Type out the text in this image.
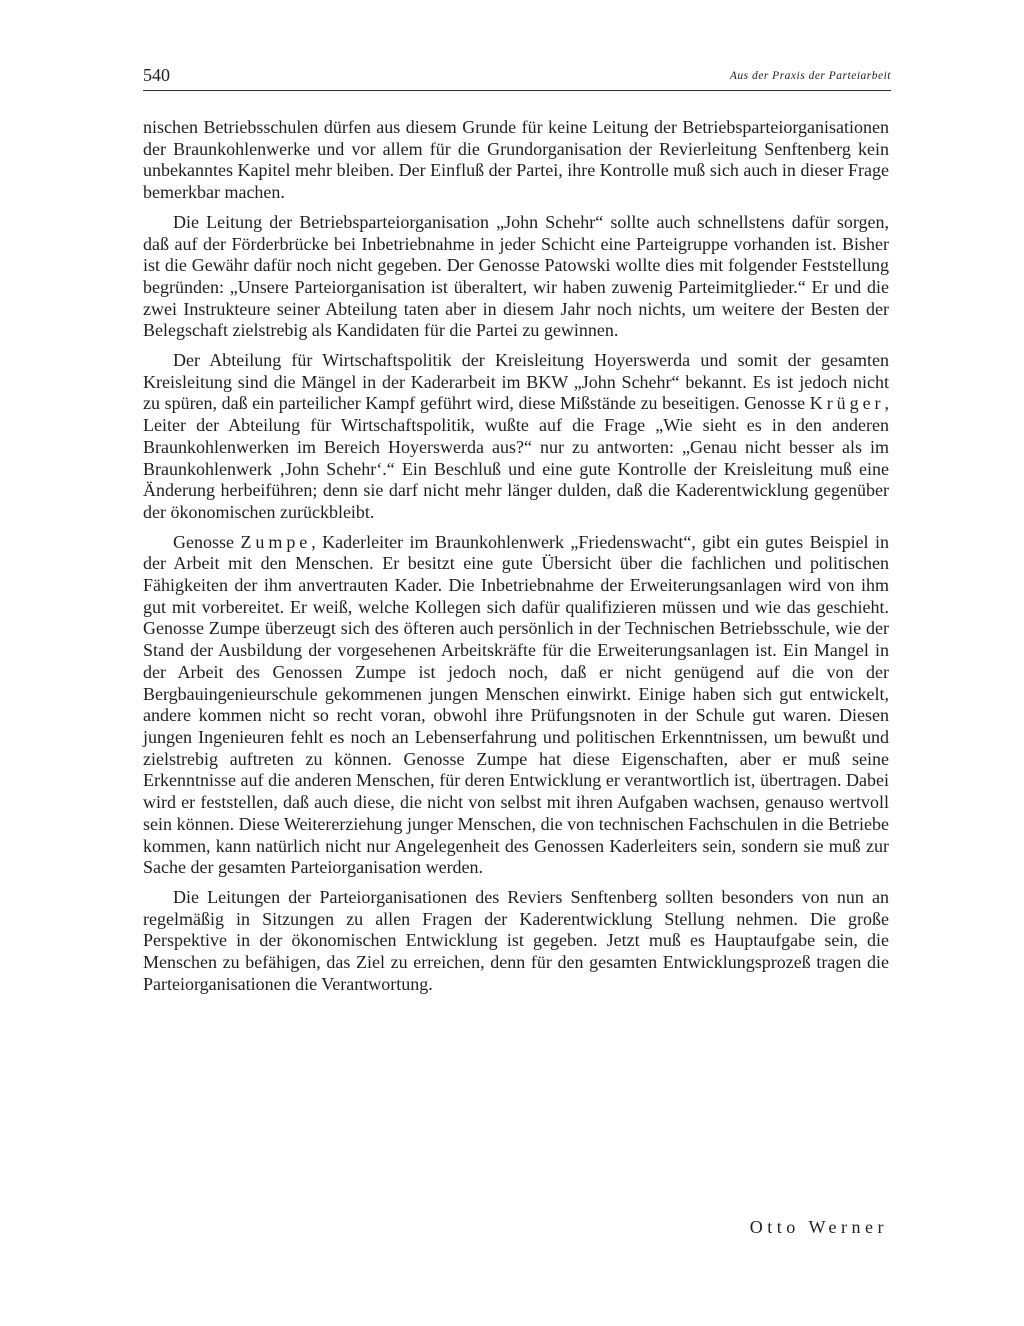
540	Aus der Praxis der Parteiarbeit

nischen Betriebsschulen dürfen aus diesem Grunde für keine Leitung der Betriebsparteiorganisationen der Braunkohlenwerke und vor allem für die Grundorganisation der Revierleitung Senftenberg kein unbekanntes Kapitel mehr bleiben. Der Einfluß der Partei, ihre Kontrolle muß sich auch in dieser Frage bemerkbar machen.

Die Leitung der Betriebsparteiorganisation „John Schehr“ sollte auch schnellstens dafür sorgen, daß auf der Förderbrücke bei Inbetriebnahme in jeder Schicht eine Parteigruppe vorhanden ist. Bisher ist die Gewähr dafür noch nicht gegeben. Der Genosse Patowski wollte dies mit folgender Feststellung begründen: „Unsere Parteiorganisation ist überaltert, wir haben zuwenig Parteimitglieder.“ Er und die zwei Instrukteure seiner Abteilung taten aber in diesem Jahr noch nichts, um weitere der Besten der Belegschaft zielstrebig als Kandidaten für die Partei zu gewinnen.

Der Abteilung für Wirtschaftspolitik der Kreisleitung Hoyerswerda und somit der gesamten Kreisleitung sind die Mängel in der Kaderarbeit im BKW „John Schehr“ bekannt. Es ist jedoch nicht zu spüren, daß ein parteilicher Kampf geführt wird, diese Mißstände zu beseitigen. Genosse Krüger, Leiter der Abteilung für Wirtschaftspolitik, wußte auf die Frage „Wie sieht es in den anderen Braunkohlenwerken im Bereich Hoyerswerda aus?“ nur zu antworten: „Genau nicht besser als im Braunkohlenwerk ‚John Schehr‘.“ Ein Beschluß und eine gute Kontrolle der Kreisleitung muß eine Änderung herbeiführen; denn sie darf nicht mehr länger dulden, daß die Kaderentwicklung gegenüber der ökonomischen zurückbleibt.

Genosse Zumpe, Kaderleiter im Braunkohlenwerk „Friedenswacht“, gibt ein gutes Beispiel in der Arbeit mit den Menschen. Er besitzt eine gute Übersicht über die fachlichen und politischen Fähigkeiten der ihm anvertrauten Kader. Die Inbetriebnahme der Erweiterungsanlagen wird von ihm gut mit vorbereitet. Er weiß, welche Kollegen sich dafür qualifizieren müssen und wie das geschieht. Genosse Zumpe überzeugt sich des öfteren auch persönlich in der Technischen Betriebsschule, wie der Stand der Ausbildung der vorgesehenen Arbeitskräfte für die Erweiterungsanlagen ist. Ein Mangel in der Arbeit des Genossen Zumpe ist jedoch noch, daß er nicht genügend auf die von der Bergbauingenieurschule gekommenen jungen Menschen einwirkt. Einige haben sich gut entwickelt, andere kommen nicht so recht voran, obwohl ihre Prüfungsnoten in der Schule gut waren. Diesen jungen Ingenieuren fehlt es noch an Lebenserfahrung und politischen Erkenntnissen, um bewußt und zielstrebig auftreten zu können. Genosse Zumpe hat diese Eigenschaften, aber er muß seine Erkenntnisse auf die anderen Menschen, für deren Entwicklung er verantwortlich ist, übertragen. Dabei wird er feststellen, daß auch diese, die nicht von selbst mit ihren Aufgaben wachsen, genauso wertvoll sein können. Diese Weitererziehung junger Menschen, die von technischen Fachschulen in die Betriebe kommen, kann natürlich nicht nur Angelegenheit des Genossen Kaderleiters sein, sondern sie muß zur Sache der gesamten Parteiorganisation werden.

Die Leitungen der Parteiorganisationen des Reviers Senftenberg sollten besonders von nun an regelmäßig in Sitzungen zu allen Fragen der Kaderentwicklung Stellung nehmen. Die große Perspektive in der ökonomischen Entwicklung ist gegeben. Jetzt muß es Hauptaufgabe sein, die Menschen zu befähigen, das Ziel zu erreichen, denn für den gesamten Entwicklungsprozeß tragen die Parteiorganisationen die Verantwortung.

Otto Werner
